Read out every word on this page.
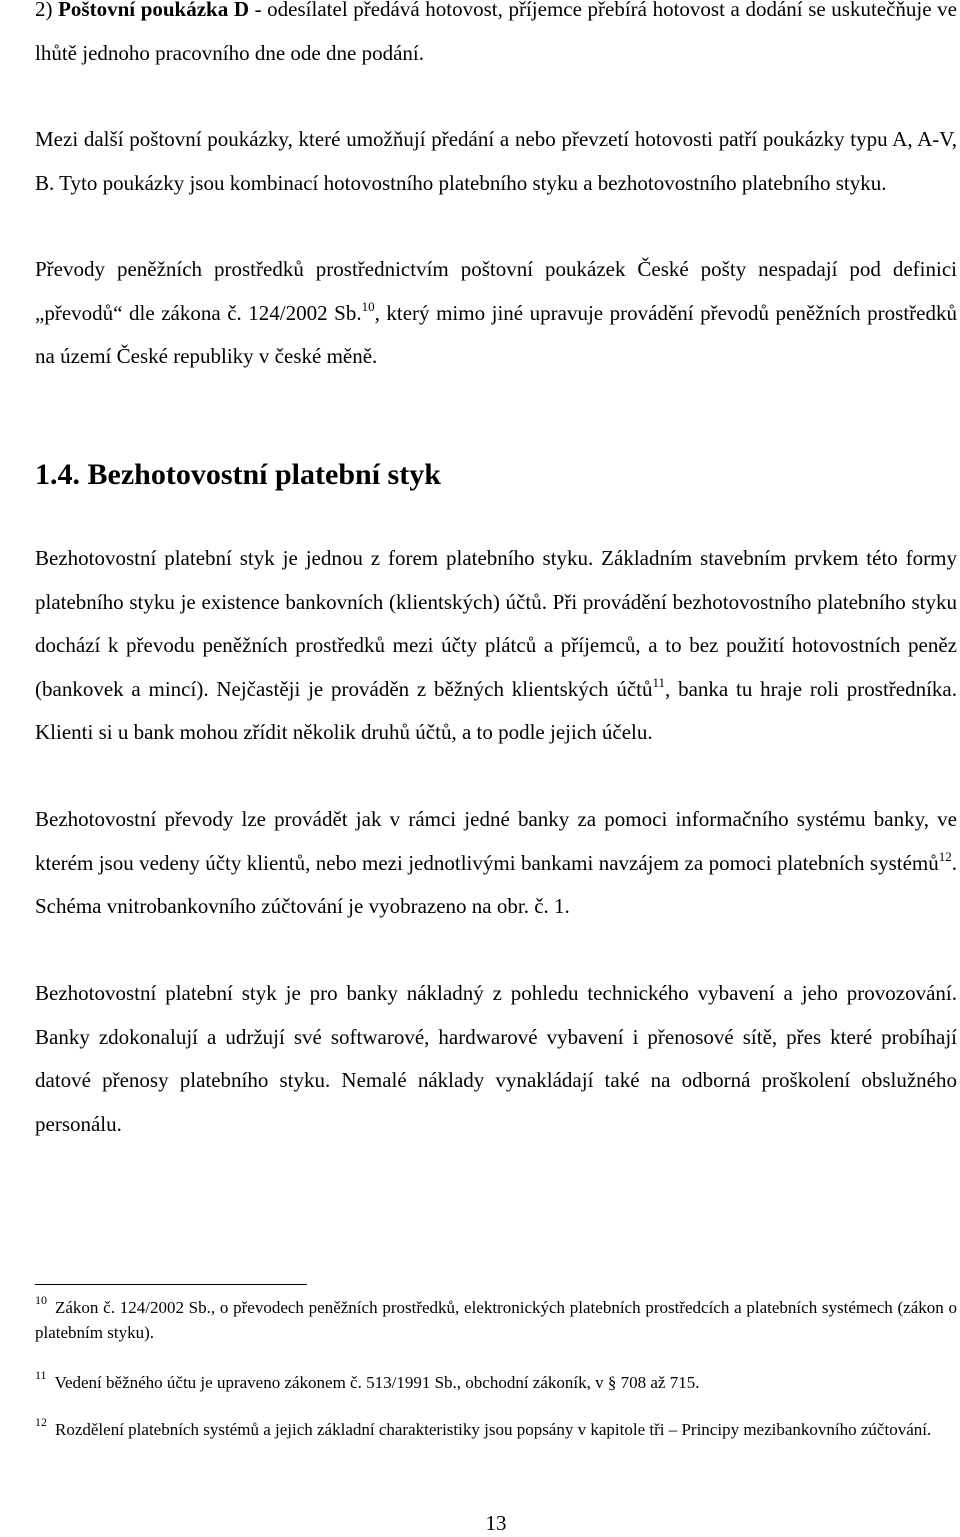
2) Poštovní poukázka D - odesílatel předává hotovost, příjemce přebírá hotovost a dodání se uskutečňuje ve lhůtě jednoho pracovního dne ode dne podání.

Mezi další poštovní poukázky, které umožňují předání a nebo převzetí hotovosti patří poukázky typu A, A-V, B. Tyto poukázky jsou kombinací hotovostního platebního styku a bezhotovostního platebního styku.

Převody peněžních prostředků prostřednictvím poštovní poukázek České pošty nespadají pod definici „převodů“ dle zákona č. 124/2002 Sb.$^{10}$, který mimo jiné upravuje provádění převodů peněžních prostředků na území České republiky v české měně.

1.4. Bezhotovostní platební styk

Bezhotovostní platební styk je jednou z forem platebního styku. Základním stavebním prvkem této formy platebního styku je existence bankovních (klientských) účtů. Při provádění bezhotovostního platebního styku dochází k převodu peněžních prostředků mezi účty plátců a příjemců, a to bez použití hotovostních peněz (bankovek a mincí). Nejčastěji je prováděn z běžných klientských účtů$^{11}$, banka tu hraje roli prostředníka. Klienti si u bank mohou zřídit několik druhů účtů, a to podle jejich účelu.

Bezhotovostní převody lze provádět jak v rámci jedné banky za pomoci informačního systému banky, ve kterém jsou vedeny účty klientů, nebo mezi jednotlivými bankami navzájem za pomoci platebních systémů$^{12}$. Schéma vnitrobankovního zúčtování je vyobrazeno na obr. č. 1.

Bezhotovostní platební styk je pro banky nákladný z pohledu technického vybavení a jeho provozování. Banky zdokonalují a udržují své softwarové, hardwarové vybavení i přenosové sítě, přes které probíhají datové přenosy platebního styku. Nemalé náklady vynakládají také na odborná proškolení obslužného personálu.

$^{10}$ Zákon č. 124/2002 Sb., o převodech peněžních prostředků, elektronických platebních prostředcích a platebních systémech (zákon o platebním styku).

$^{11}$ Vedení běžného účtu je upraveno zákonem č. 513/1991 Sb., obchodní zákoník, v § 708 až 715.

$^{12}$ Rozdělení platebních systémů a jejich základní charakteristiky jsou popsány v kapitole tři – Principy mezibankovního zúčtování.

13
